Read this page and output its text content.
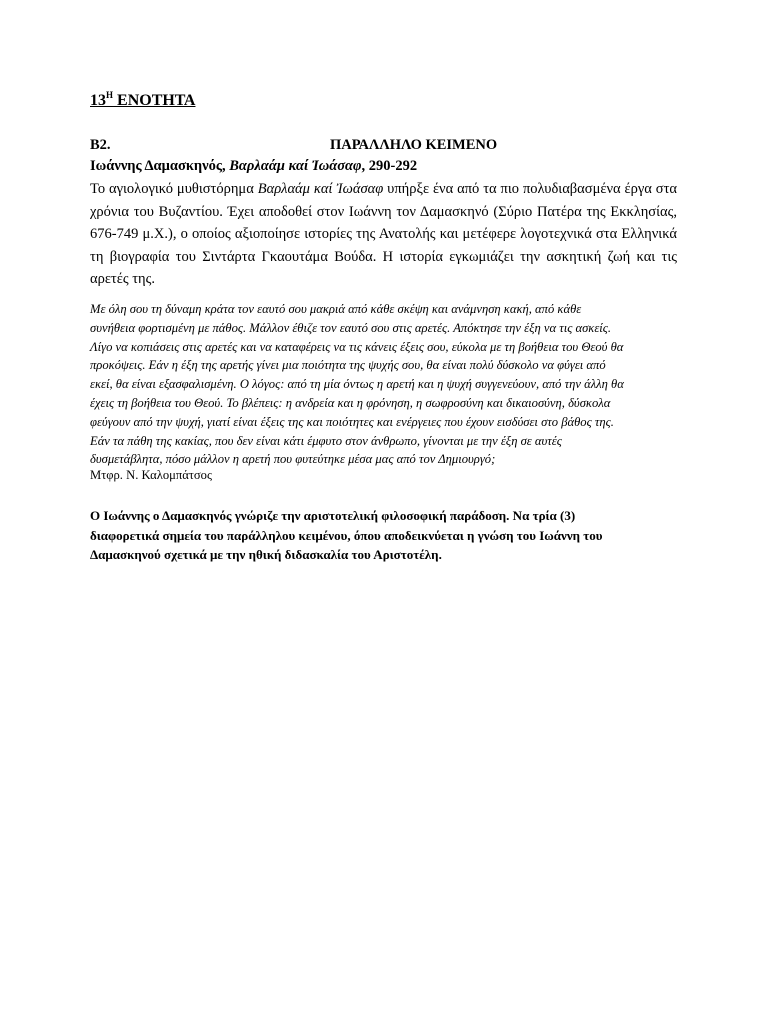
$13^H$ ΕΝΟΤΗΤΑ
Β2.	ΠΑΡΑΛΛΗΛΟ ΚΕΙΜΕΝΟ
Ιωάννης Δαμασκηνός, Βαρλαάμ καί Ἰωάσαφ, 290-292
Το αγιολογικό μυθιστόρημα Βαρλαάμ καί Ἰωάσαφ υπήρξε ένα από τα πιο πολυδιαβασμένα έργα στα χρόνια του Βυζαντίου. Έχει αποδοθεί στον Ιωάννη τον Δαμασκηνό (Σύριο Πατέρα της Εκκλησίας, 676-749 μ.Χ.), ο οποίος αξιοποίησε ιστορίες της Ανατολής και μετέφερε λογοτεχνικά στα Ελληνικά τη βιογραφία του Σιντάρτα Γκαουτάμα Βούδα. Η ιστορία εγκωμιάζει την ασκητική ζωή και τις αρετές της.
Με όλη σου τη δύναμη κράτα τον εαυτό σου μακριά από κάθε σκέψη και ανάμνηση κακή, από κάθε
συνήθεια φορτισμένη με πάθος. Μάλλον έθιζε τον εαυτό σου στις αρετές. Απόκτησε την έξη να τις ασκείς.
Λίγο να κοπιάσεις στις αρετές και να καταφέρεις να τις κάνεις έξεις σου, εύκολα με τη βοήθεια του Θεού θα
προκόψεις. Εάν η έξη της αρετής γίνει μια ποιότητα της ψυχής σου, θα είναι πολύ δύσκολο να φύγει από
εκεί, θα είναι εξασφαλισμένη. Ο λόγος: από τη μία όντως η αρετή και η ψυχή συγγενεύουν, από την άλλη θα
έχεις τη βοήθεια του Θεού. Το βλέπεις: η ανδρεία και η φρόνηση, η σωφροσύνη και δικαιοσύνη, δύσκολα
φεύγουν από την ψυχή, γιατί είναι έξεις της και ποιότητες και ενέργειες που έχουν εισδύσει στο βάθος της.
Εάν τα πάθη της κακίας, που δεν είναι κάτι έμφυτο στον άνθρωπο, γίνονται με την έξη σε αυτές
δυσμετάβλητα, πόσο μάλλον η αρετή που φυτεύτηκε μέσα μας από τον Δημιουργό;
Μτφρ. Ν. Καλομπάτσος
Ο Ιωάννης ο Δαμασκηνός γνώριζε την αριστοτελική φιλοσοφική παράδοση. Να τρία (3)
διαφορετικά σημεία του παράλληλου κειμένου, όπου αποδεικνύεται η γνώση του Ιωάννη του
Δαμασκηνού σχετικά με την ηθική διδασκαλία του Αριστοτέλη.
